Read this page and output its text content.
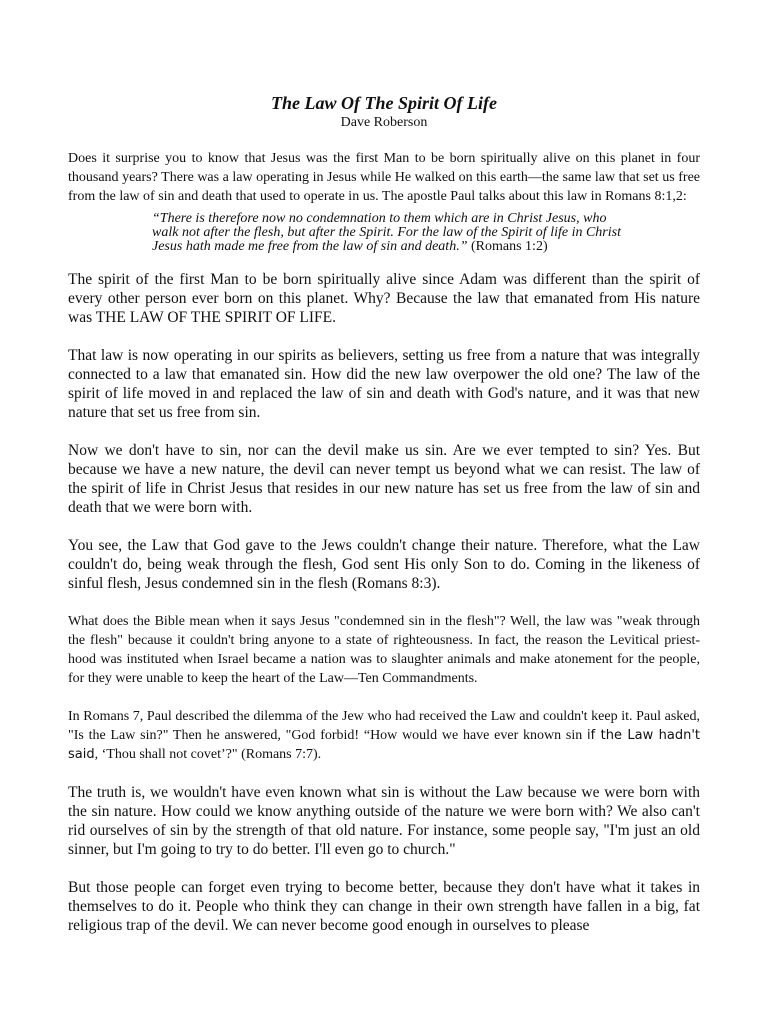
The Law Of The Spirit Of Life
Dave Roberson

Does it surprise you to know that Jesus was the first Man to be born spiritually alive on this planet in four thousand years? There was a law operating in Jesus while He walked on this earth—the same law that set us free from the law of sin and death that used to operate in us. The apostle Paul talks about this law in Romans 8:1,2:

·
“There is therefore now no condemnation to them which are in Christ Jesus, who walk not after the flesh, but after the Spirit. For the law of the Spirit of life in Christ Jesus hath made me free from the law of sin and death.” (Romans 1:2)

The spirit of the first Man to be born spiritually alive since Adam was different than the spirit of every other person ever born on this planet. Why? Because the law that emanated from His nature was THE LAW OF THE SPIRIT OF LIFE.

That law is now operating in our spirits as believers, setting us free from a nature that was integrally connected to a law that emanated sin. How did the new law overpower the old one? The law of the spirit of life moved in and replaced the law of sin and death with God's nature, and it was that new nature that set us free from sin.

Now we don't have to sin, nor can the devil make us sin. Are we ever tempted to sin? Yes. But because we have a new nature, the devil can never tempt us beyond what we can resist. The law of the spirit of life in Christ Jesus that resides in our new nature has set us free from the law of sin and death that we were born with.

You see, the Law that God gave to the Jews couldn't change their nature. Therefore, what the Law couldn't do, being weak through the flesh, God sent His only Son to do. Coming in the likeness of sinful flesh, Jesus condemned sin in the flesh (Romans 8:3).

What does the Bible mean when it says Jesus "condemned sin in the flesh"? Well, the law was "weak through the flesh" because it couldn't bring anyone to a state of righteousness. In fact, the reason the Levitical priest- hood was instituted when Israel became a nation was to slaughter animals and make atonement for the people, for they were unable to keep the heart of the Law—Ten Commandments.

In Romans 7, Paul described the dilemma of the Jew who had received the Law and couldn't keep it. Paul asked, "Is the Law sin?" Then he answered, "God forbid! “How would we have ever known sin if the Law hadn't said, ‘Thou shall not covet’?" (Romans 7:7).

The truth is, we wouldn't have even known what sin is without the Law because we were born with the sin nature. How could we know anything outside of the nature we were born with? We also can't rid ourselves of sin by the strength of that old nature. For instance, some people say, "I'm just an old sinner, but I'm going to try to do better. I'll even go to church."

But those people can forget even trying to become better, because they don't have what it takes in themselves to do it. People who think they can change in their own strength have fallen in a big, fat religious trap of the devil. We can never become good enough in ourselves to please
